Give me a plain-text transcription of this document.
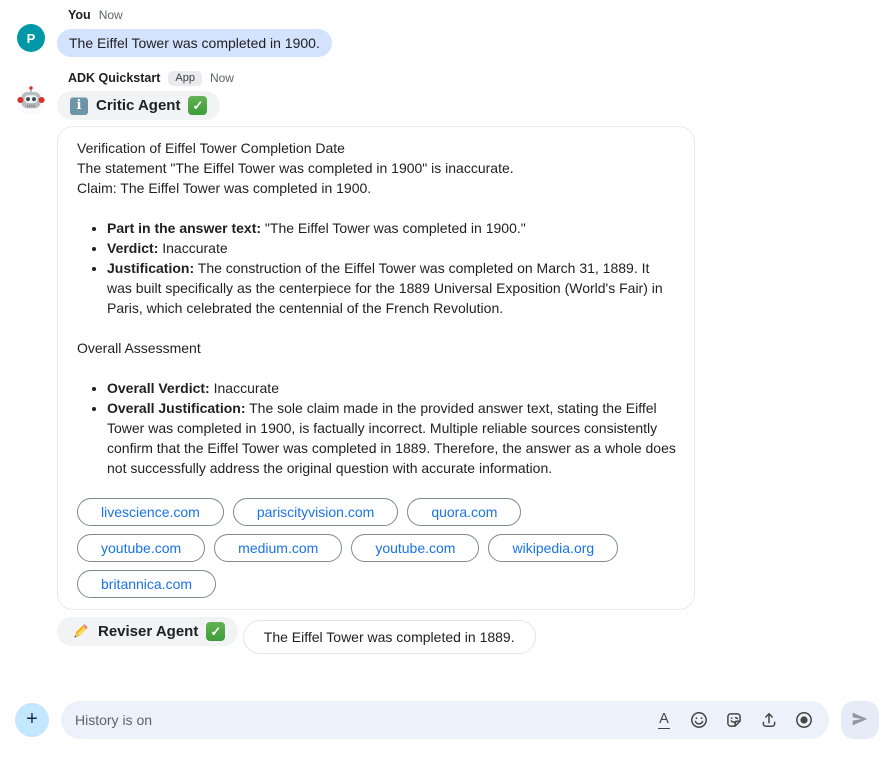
P
You Now
The Eiffel Tower was completed in 1900.
ADK Quickstart	App	Now
i Critic Agent ✓
Verification of Eiffel Tower Completion Date
The statement "The Eiffel Tower was completed in 1900" is inaccurate.
Claim: The Eiffel Tower was completed in 1900.
• Part in the answer text: "The Eiffel Tower was completed in 1900."
• Verdict: Inaccurate
• Justification: The construction of the Eiffel Tower was completed on March 31, 1889. It was built specifically as the centerpiece for the 1889 Universal Exposition (World's Fair) in Paris, which celebrated the centennial of the French Revolution.
Overall Assessment
• Overall Verdict: Inaccurate
• Overall Justification: The sole claim made in the provided answer text, stating the Eiffel Tower was completed in 1900, is factually incorrect. Multiple reliable sources consistently confirm that the Eiffel Tower was completed in 1889. Therefore, the answer as a whole does not successfully address the original question with accurate information.
livescience.com	pariscityvision.com	quora.com
youtube.com	medium.com	youtube.com	wikipedia.org
britannica.com
Reviser Agent ✓	The Eiffel Tower was completed in 1889.
+	History is on	A
